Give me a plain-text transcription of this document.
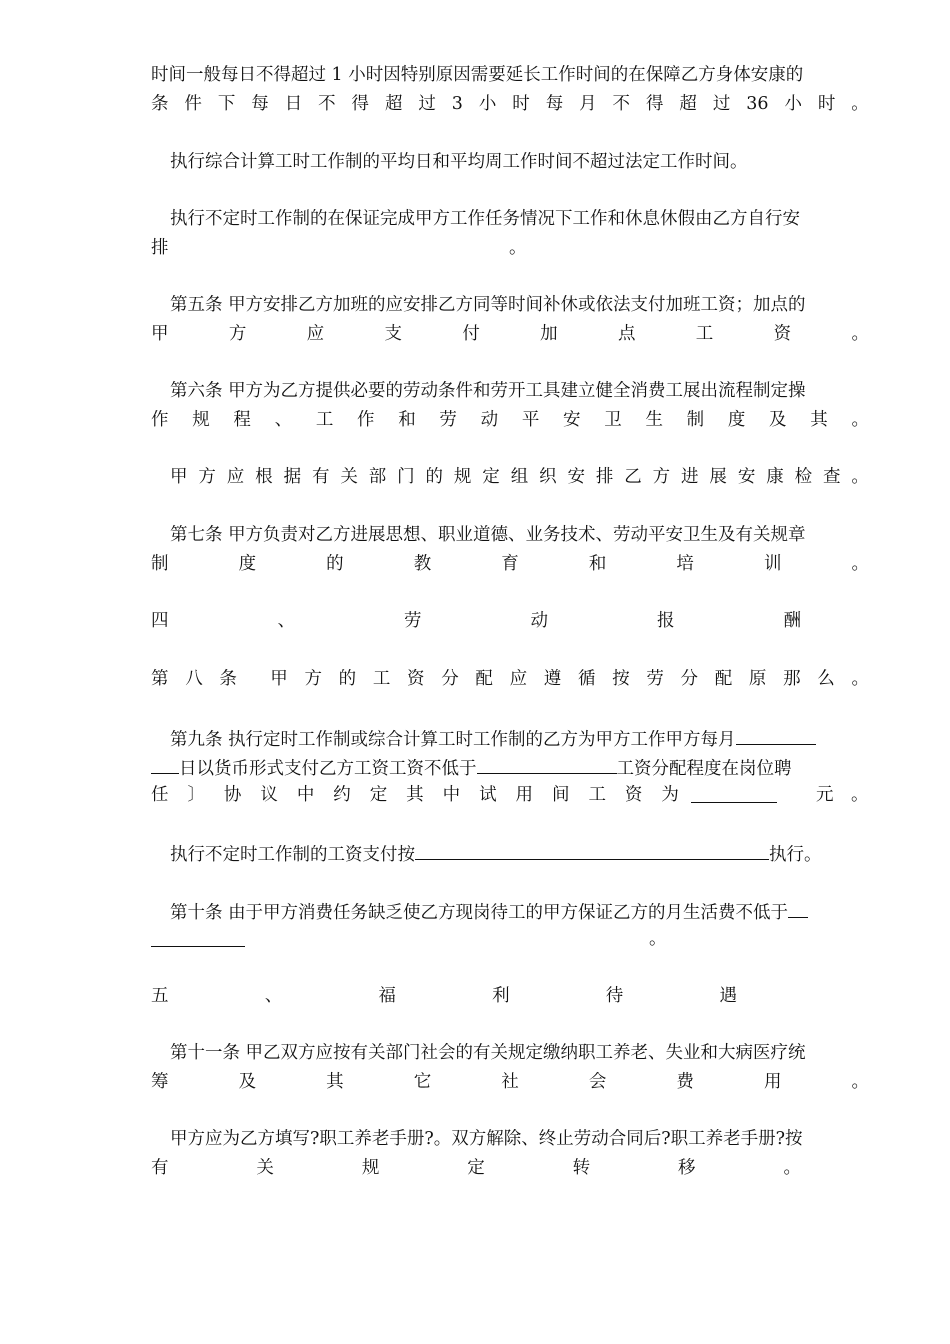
时间一般每日不得超过 1 小时因特别原因需要延长工作时间的在保障乙方身体安康的
条 件 下 每 日 不 得 超 过 3 小 时 每 月 不 得 超 过 36 小 时 。
执行综合计算工时工作制的平均日和平均周工作时间不超过法定工作时间。
执行不定时工作制的在保证完成甲方工作任务情况下工作和休息休假由乙方自行安
排	。
第五条 甲方安排乙方加班的应安排乙方同等时间补休或依法支付加班工资；加点的
甲	方	应	支	付	加	点	工	资	。
第六条 甲方为乙方提供必要的劳动条件和劳开工具建立健全消费工展出流程制定操
作 规 程 、 工 作 和 劳 动 平 安 卫 生 制 度 及 其 。
甲 方 应 根 据 有 关 部 门 的 规 定 组 织 安 排 乙 方 进 展 安 康 检 查 。
第七条 甲方负责对乙方进展思想、职业道德、业务技术、劳动平安卫生及有关规章
制	度	的	教	育	和	培	训	。
四	、	劳	动	报	酬
第 八 条 甲 方 的 工 资 分 配 应 遵 循 按 劳 分 配 原 那 么 。
第九条 执行定时工作制或综合计算工时工作制的乙方为甲方工作甲方每月
日以货币形式支付乙方工资工资不低于	工资分配程度在岗位聘
任 〕 协 议 中 约 定 其 中 试 用 间 工 资 为	元 。
执行不定时工作制的工资支付按	执行。
第十条 由于甲方消费任务缺乏使乙方现岗待工的甲方保证乙方的月生活费不低于
。
五	、	福	利	待	遇
第十一条 甲乙双方应按有关部门社会的有关规定缴纳职工养老、失业和大病医疗统
筹	及	其	它	社	会	费	用	。
甲方应为乙方填写?职工养老手册?。双方解除、终止劳动合同后?职工养老手册?按
有	关	规	定	转	移	。
